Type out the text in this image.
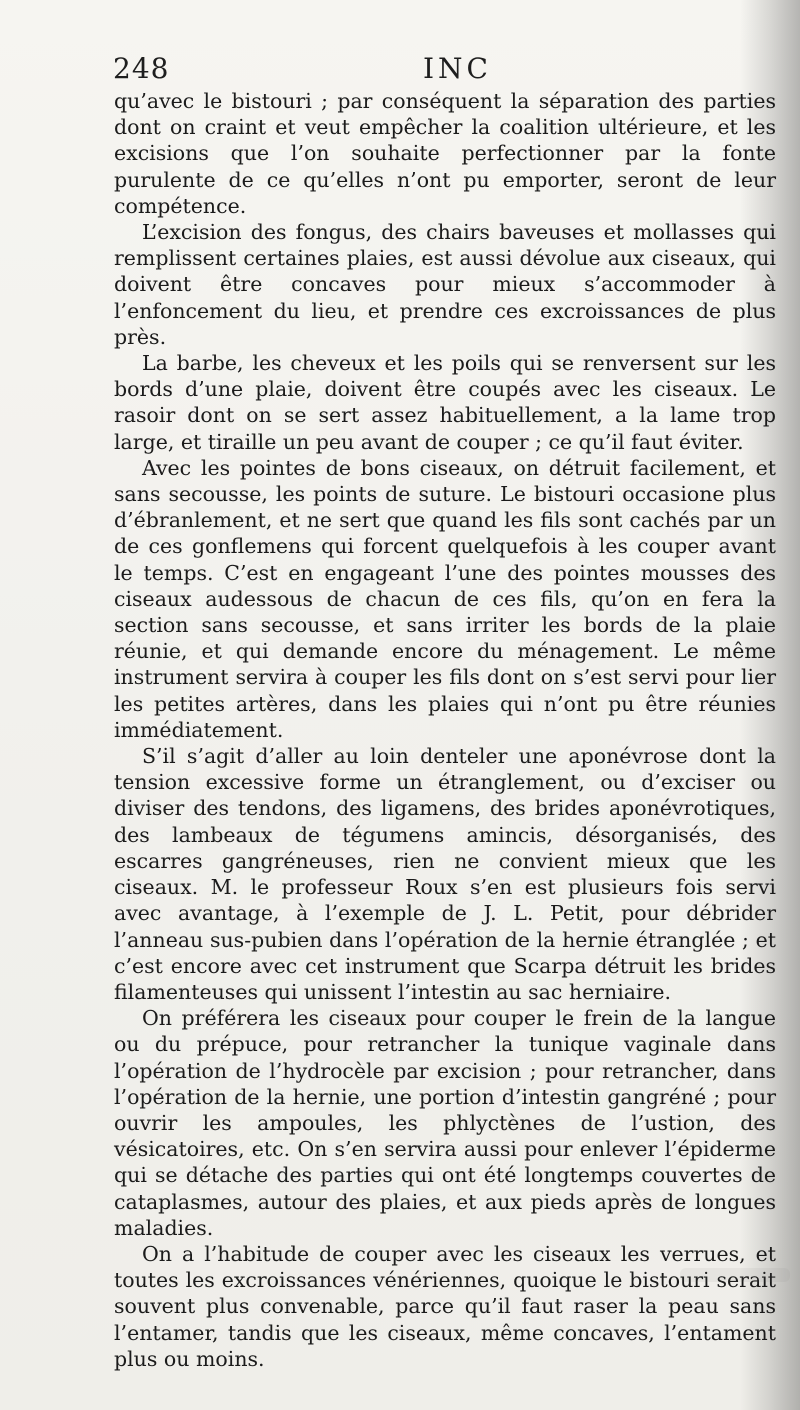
248	INC

qu’avec le bistouri ; par conséquent la séparation des parties dont on craint et veut empêcher la coalition ultérieure, et les excisions que l’on souhaite perfectionner par la fonte purulente de ce qu’elles n’ont pu emporter, seront de leur compétence.

L’excision des fongus, des chairs baveuses et mollasses qui remplissent certaines plaies, est aussi dévolue aux ciseaux, qui doivent être concaves pour mieux s’accommoder à l’enfoncement du lieu, et prendre ces excroissances de plus près.

La barbe, les cheveux et les poils qui se renversent sur les bords d’une plaie, doivent être coupés avec les ciseaux. Le rasoir dont on se sert assez habituellement, a la lame trop large, et tiraille un peu avant de couper ; ce qu’il faut éviter.

Avec les pointes de bons ciseaux, on détruit facilement, et sans secousse, les points de suture. Le bistouri occasione plus d’ébranlement, et ne sert que quand les fils sont cachés par un de ces gonflemens qui forcent quelquefois à les couper avant le temps. C’est en engageant l’une des pointes mousses des ciseaux audessous de chacun de ces fils, qu’on en fera la section sans secousse, et sans irriter les bords de la plaie réunie, et qui demande encore du ménagement. Le même instrument servira à couper les fils dont on s’est servi pour lier les petites artères, dans les plaies qui n’ont pu être réunies immédiatement.

S’il s’agit d’aller au loin denteler une aponévrose dont la tension excessive forme un étranglement, ou d’exciser ou diviser des tendons, des ligamens, des brides aponévrotiques, des lambeaux de tégumens amincis, désorganisés, des escarres gangréneuses, rien ne convient mieux que les ciseaux. M. le professeur Roux s’en est plusieurs fois servi avec avantage, à l’exemple de J. L. Petit, pour débrider l’anneau sus-pubien dans l’opération de la hernie étranglée ; et c’est encore avec cet instrument que Scarpa détruit les brides filamenteuses qui unissent l’intestin au sac herniaire.

On préférera les ciseaux pour couper le frein de la langue ou du prépuce, pour retrancher la tunique vaginale dans l’opération de l’hydrocèle par excision ; pour retrancher, dans l’opération de la hernie, une portion d’intestin gangréné ; pour ouvrir les ampoules, les phlyctènes de l’ustion, des vésicatoires, etc. On s’en servira aussi pour enlever l’épiderme qui se détache des parties qui ont été longtemps couvertes de cataplasmes, autour des plaies, et aux pieds après de longues maladies.

On a l’habitude de couper avec les ciseaux les verrues, et toutes les excroissances vénériennes, quoique le bistouri serait souvent plus convenable, parce qu’il faut raser la peau sans l’entamer, tandis que les ciseaux, même concaves, l’entament plus ou moins.
